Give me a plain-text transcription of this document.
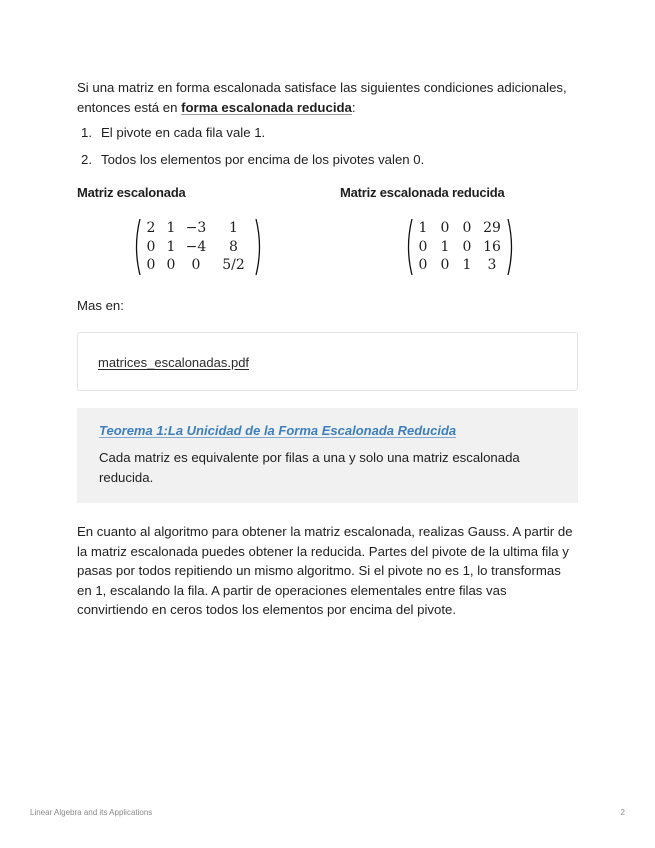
Si una matriz en forma escalonada satisface las siguientes condiciones adicionales, entonces está en forma escalonada reducida:

1. El pivote en cada fila vale 1.
2. Todos los elementos por encima de los pivotes valen 0.
Matriz escalonada	Matriz escalonada reducida
2 1 −3	1
0 1 −4	8
0 0	0	5/2
1 0 0 29
0 1 0 16
0 0 1	3
Mas en:
matrices_escalonadas.pdf
Teorema 1:La Unicidad de la Forma Escalonada Reducida
Cada matriz es equivalente por filas a una y solo una matriz escalonada reducida.

En cuanto al algoritmo para obtener la matriz escalonada, realizas Gauss. A partir de la matriz escalonada puedes obtener la reducida. Partes del pivote de la ultima fila y pasas por todos repitiendo un mismo algoritmo. Si el pivote no es 1, lo transformas en 1, escalando la fila. A partir de operaciones elementales entre filas vas convirtiendo en ceros todos los elementos por encima del pivote.

Linear Algebra and its Applications	2
